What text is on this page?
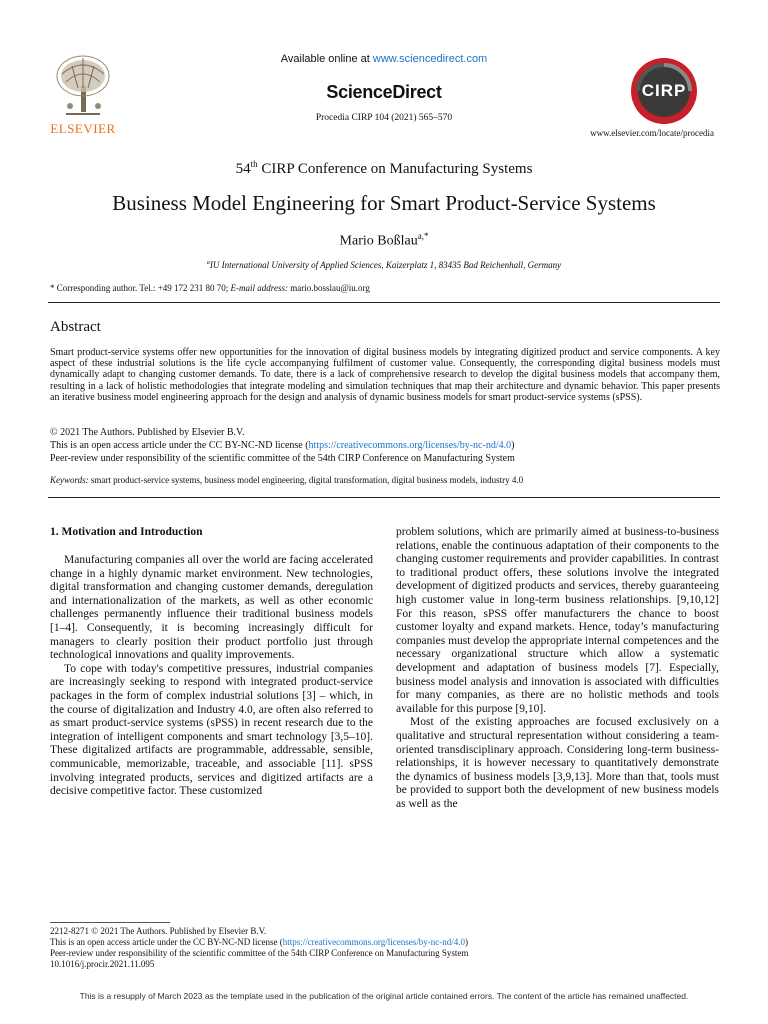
ELSEVIER
Available online at www.sciencedirect.com
ScienceDirect
Procedia CIRP 104 (2021) 565–570
CIRP
www.elsevier.com/locate/procedia
54th CIRP Conference on Manufacturing Systems
Business Model Engineering for Smart Product-Service Systems
Mario Boßlau$^{a,*}$
$^a$IU International University of Applied Sciences, Kaizerplatz 1, 83435 Bad Reichenhall, Germany
* Corresponding author. Tel.: +49 172 231 80 70; E-mail address: mario.bosslau@iu.org
Abstract
Smart product-service systems offer new opportunities for the innovation of digital business models by integrating digitized product and service components. A key aspect of these industrial solutions is the life cycle accompanying fulfilment of customer value. Consequently, the corresponding digital business models must dynamically adapt to changing customer demands. To date, there is a lack of comprehensive research to develop the digital business models that accompany them, resulting in a lack of holistic methodologies that integrate modeling and simulation techniques that map their architecture and dynamic behavior. This paper presents an iterative business model engineering approach for the design and analysis of dynamic business models for smart product-service systems (sPSS).
© 2021 The Authors. Published by Elsevier B.V.
This is an open access article under the CC BY-NC-ND license (https://creativecommons.org/licenses/by-nc-nd/4.0)
Peer-review under responsibility of the scientific committee of the 54th CIRP Conference on Manufacturing System
Keywords: smart product-service systems, business model engineering, digital transformation, digital business models, industry 4.0
1. Motivation and Introduction

Manufacturing companies all over the world are facing accelerated change in a highly dynamic market environment. New technologies, digital transformation and changing customer demands, deregulation and internationalization of the markets, as well as other economic challenges permanently influence their traditional business models [1–4]. Consequently, it is becoming increasingly difficult for managers to clearly position their product portfolio just through technological innovations and quality improvements.

To cope with today's competitive pressures, industrial companies are increasingly seeking to respond with integrated product-service packages in the form of complex industrial solutions [3] – which, in the course of digitalization and Industry 4.0, are often also referred to as smart product-service systems (sPSS) in recent research due to the integration of intelligent components and smart technology [3,5–10]. These digitalized artifacts are programmable, addressable, sensible, communicable, memorizable, traceable, and associable [11]. sPSS involving integrated products, services and digitized artifacts are a decisive competitive factor. These customized

problem solutions, which are primarily aimed at business-to-business relations, enable the continuous adaptation of their components to the changing customer requirements and provider capabilities. In contrast to traditional product offers, these solutions involve the integrated development of digitized products and services, thereby guaranteeing high customer value in long-term business relationships. [9,10,12] For this reason, sPSS offer manufacturers the chance to boost customer loyalty and expand markets. Hence, today’s manufacturing companies must develop the appropriate internal competences and the necessary organizational structure which allow a systematic development and adaptation of business models [7]. Especially, business model analysis and innovation is associated with difficulties for many companies, as there are no holistic methods and tools available for this purpose [9,10].

Most of the existing approaches are focused exclusively on a qualitative and structural representation without considering a team-oriented transdisciplinary approach. Considering long-term business-relationships, it is however necessary to quantitatively demonstrate the dynamics of business models [3,9,13]. More than that, tools must be provided to support both the development of new business models as well as the

2212-8271 © 2021 The Authors. Published by Elsevier B.V.
This is an open access article under the CC BY-NC-ND license (https://creativecommons.org/licenses/by-nc-nd/4.0)
Peer-review under responsibility of the scientific committee of the 54th CIRP Conference on Manufacturing System
10.1016/j.procir.2021.11.095
This is a resupply of March 2023 as the template used in the publication of the original article contained errors. The content of the article has remained unaffected.
